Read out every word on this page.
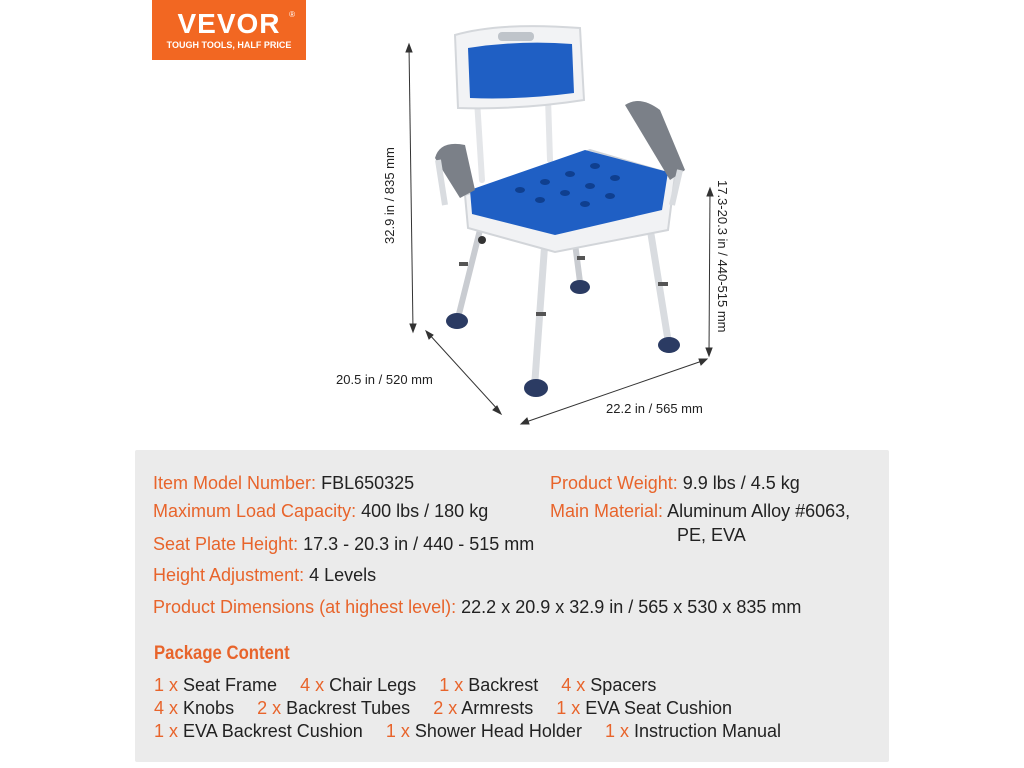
VEVOR	®
TOUGH TOOLS, HALF PRICE
32.9 in / 835 mm	17.3-20.3 in / 440-515 mm
20.5 in / 520 mm
22.2 in / 565 mm
Item Model Number: FBL650325	Product Weight: 9.9 lbs / 4.5 kg
Maximum Load Capacity: 400 lbs / 180 kg	Main Material: Aluminum Alloy #6063,
PE, EVA
Seat Plate Height: 17.3 - 20.3 in / 440 - 515 mm
Height Adjustment: 4 Levels
Product Dimensions (at highest level): 22.2 x 20.9 x 32.9 in / 565 x 530 x 835 mm
Package Content
1 x Seat Frame 4 x Chair Legs 1 x Backrest 4 x Spacers
4 x Knobs 2 x Backrest Tubes 2 x Armrests 1 x EVA Seat Cushion
1 x EVA Backrest Cushion 1 x Shower Head Holder 1 x Instruction Manual
